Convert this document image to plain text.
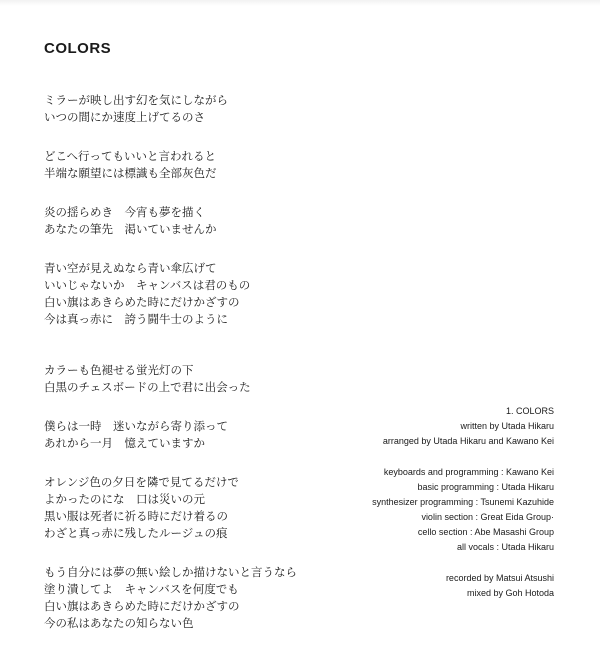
COLORS
ミラーが映し出す幻を気にしながら
いつの間にか速度上げてるのさ
どこへ行ってもいいと言われると
半端な願望には標識も全部灰色だ
炎の揺らめき　今宵も夢を描く
あなたの筆先　渇いていませんか
青い空が見えぬなら青い傘広げて
いいじゃないか　キャンバスは君のもの
白い旗はあきらめた時にだけかざすの
今は真っ赤に　誇う闘牛士のように
カラーも色褪せる蛍光灯の下
白黒のチェスボードの上で君に出会った
僕らは一時　迷いながら寄り添って
あれから一月　憶えていますか
オレンジ色の夕日を隣で見てるだけで
よかったのにな　口は災いの元
黒い服は死者に祈る時にだけ着るの
わざと真っ赤に残したルージュの痕
もう自分には夢の無い絵しか描けないと言うなら
塗り潰してよ　キャンバスを何度でも
白い旗はあきらめた時にだけかざすの
今の私はあなたの知らない色
1. COLORS
written by Utada Hikaru
arranged by Utada Hikaru and Kawano Kei
keyboards and programming : Kawano Kei
basic programming : Utada Hikaru
synthesizer programming : Tsunemi Kazuhide
violin section : Great Eida Group·
cello section : Abe Masashi Group
all vocals : Utada Hikaru
recorded by Matsui Atsushi
mixed by Goh Hotoda
